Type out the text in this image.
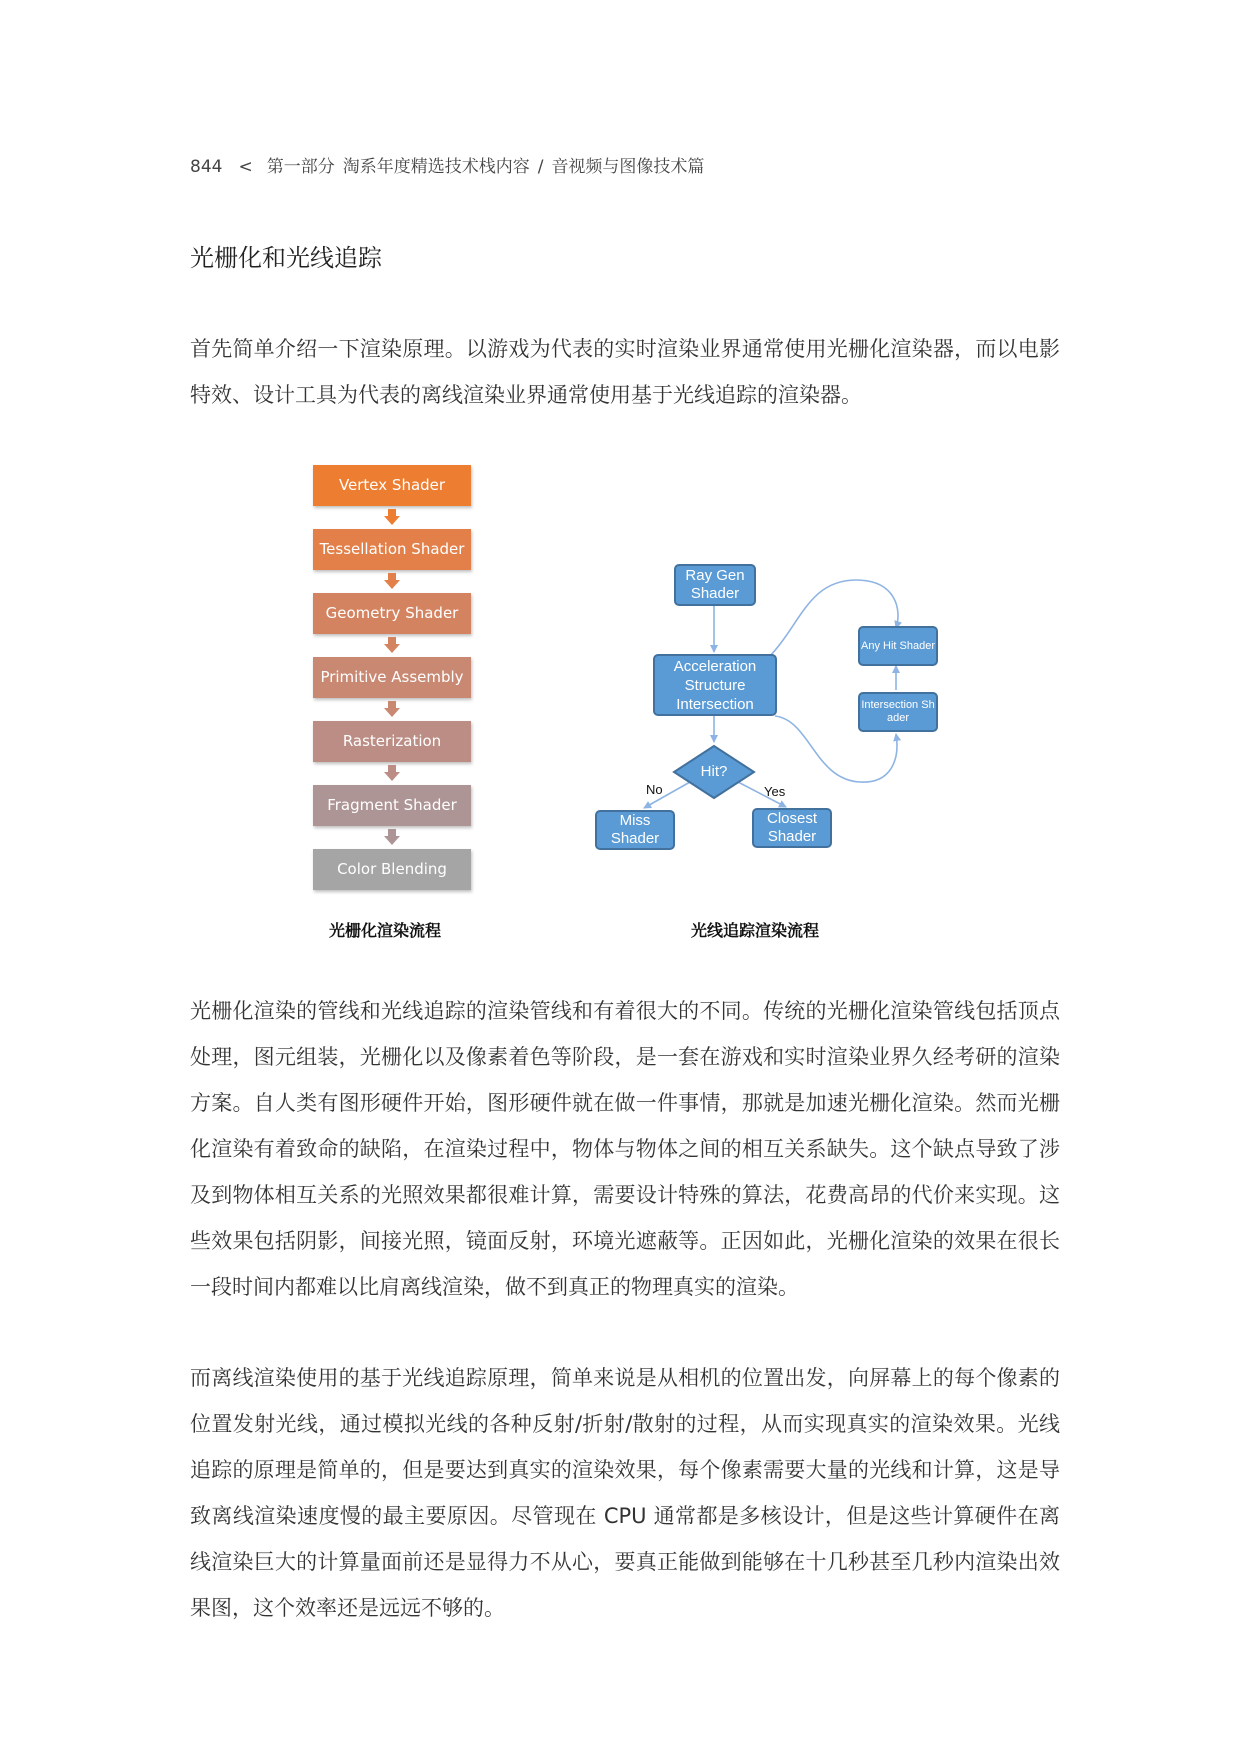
844 < 第一部分 淘系年度精选技术栈内容 / 音视频与图像技术篇
光栅化和光线追踪

首先简单介绍一下渲染原理。以游戏为代表的实时渲染业界通常使用光栅化渲染器，而以电影特效、设计工具为代表的离线渲染业界通常使用基于光线追踪的渲染器。

Vertex Shader
Tessellation Shader
Geometry Shader
Primitive Assembly
Rasterization
Fragment Shader
Color Blending
Ray Gen Shader
Acceleration Structure Intersection
Any Hit Shader
Intersection Shader
Hit?
No	Yes
Miss Shader
Closest Shader
光栅化渲染流程	光线追踪渲染流程

光栅化渲染的管线和光线追踪的渲染管线和有着很大的不同。传统的光栅化渲染管线包括顶点处理，图元组装，光栅化以及像素着色等阶段，是一套在游戏和实时渲染业界久经考研的渲染方案。自人类有图形硬件开始，图形硬件就在做一件事情，那就是加速光栅化渲染。然而光栅化渲染有着致命的缺陷，在渲染过程中，物体与物体之间的相互关系缺失。这个缺点导致了涉及到物体相互关系的光照效果都很难计算，需要设计特殊的算法，花费高昂的代价来实现。这些效果包括阴影，间接光照，镜面反射，环境光遮蔽等。正因如此，光栅化渲染的效果在很长一段时间内都难以比肩离线渲染，做不到真正的物理真实的渲染。

而离线渲染使用的基于光线追踪原理，简单来说是从相机的位置出发，向屏幕上的每个像素的位置发射光线，通过模拟光线的各种反射/折射/散射的过程，从而实现真实的渲染效果。光线追踪的原理是简单的，但是要达到真实的渲染效果，每个像素需要大量的光线和计算，这是导致离线渲染速度慢的最主要原因。尽管现在 CPU 通常都是多核设计，但是这些计算硬件在离线渲染巨大的计算量面前还是显得力不从心，要真正能做到能够在十几秒甚至几秒内渲染出效果图，这个效率还是远远不够的。
